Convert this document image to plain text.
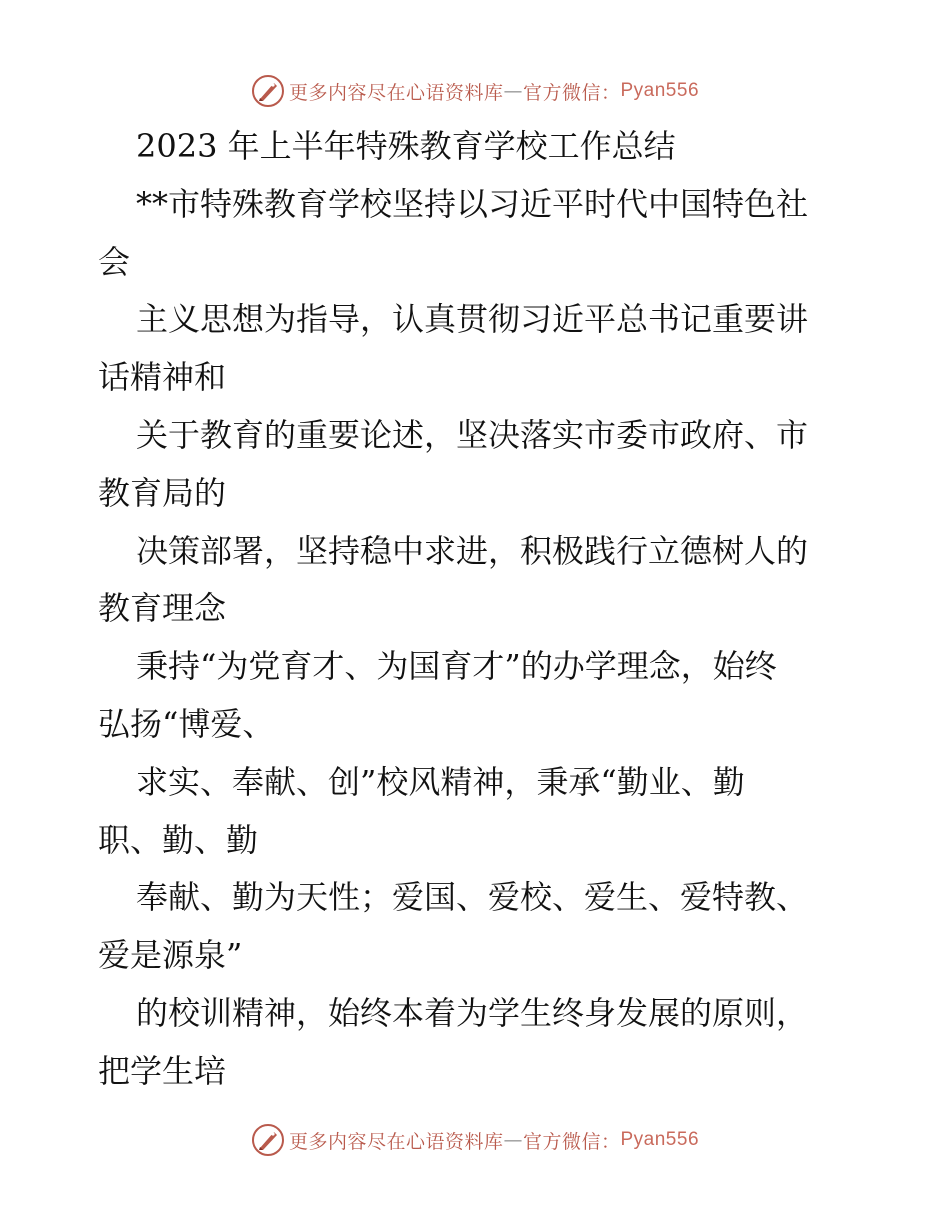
更多内容尽在心语资料库 — 官方微信： Pyan556
2023 年上半年特殊教育学校工作总结
**市特殊教育学校坚持以习近平时代中国特色社
会
主义思想为指导，认真贯彻习近平总书记重要讲
话精神和
关于教育的重要论述，坚决落实市委市政府、市
教育局的
决策部署，坚持稳中求进，积极践行立德树人的
教育理念
秉持“为党育才、为国育才”的办学理念，始终
弘扬“博爱、
求实、奉献、创”校风精神，秉承“勤业、勤
职、勤、勤
奉献、勤为天性；爱国、爱校、爱生、爱特教、
爱是源泉”
的校训精神，始终本着为学生终身发展的原则，
把学生培
更多内容尽在心语资料库 — 官方微信： Pyan556
